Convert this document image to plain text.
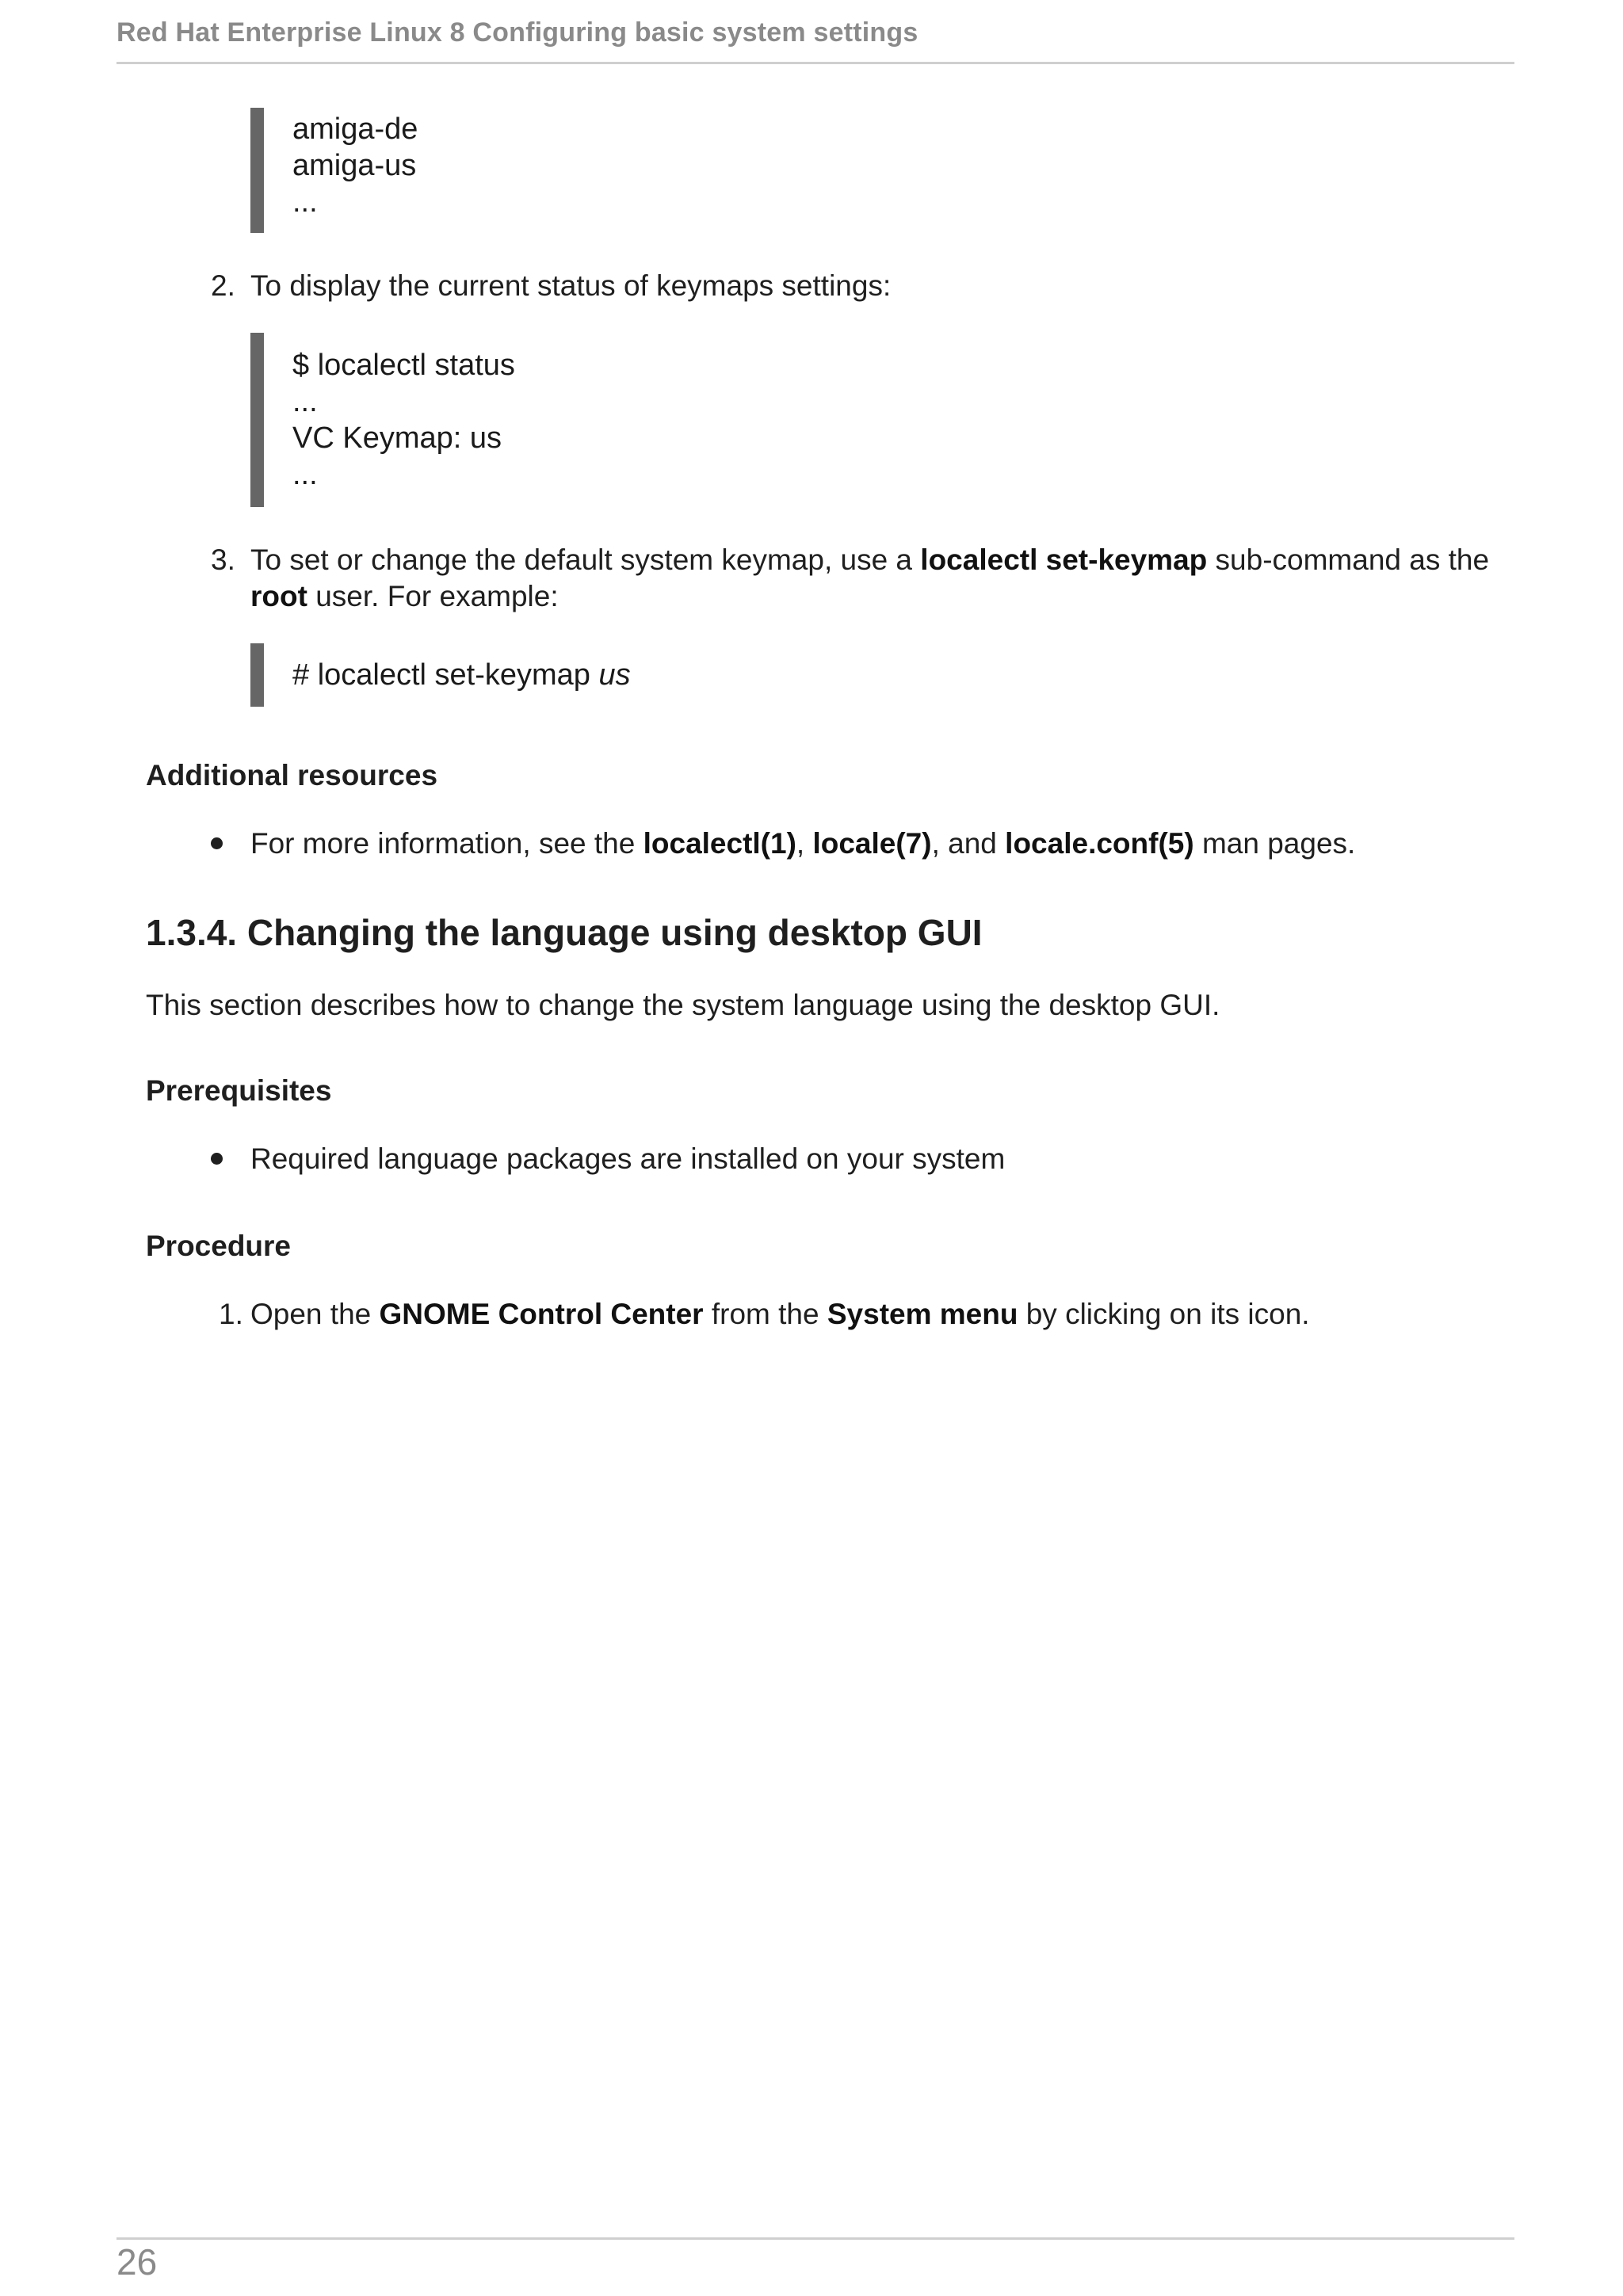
Red Hat Enterprise Linux 8 Configuring basic system settings
amiga-de
amiga-us
...
2. To display the current status of keymaps settings:
$ localectl status
...
VC Keymap: us
...
3. To set or change the default system keymap, use a localectl set-keymap sub-command as the root user. For example:
# localectl set-keymap us
Additional resources
For more information, see the localectl(1), locale(7), and locale.conf(5) man pages.
1.3.4. Changing the language using desktop GUI
This section describes how to change the system language using the desktop GUI.
Prerequisites
Required language packages are installed on your system
Procedure
1. Open the GNOME Control Center from the System menu by clicking on its icon.
26
